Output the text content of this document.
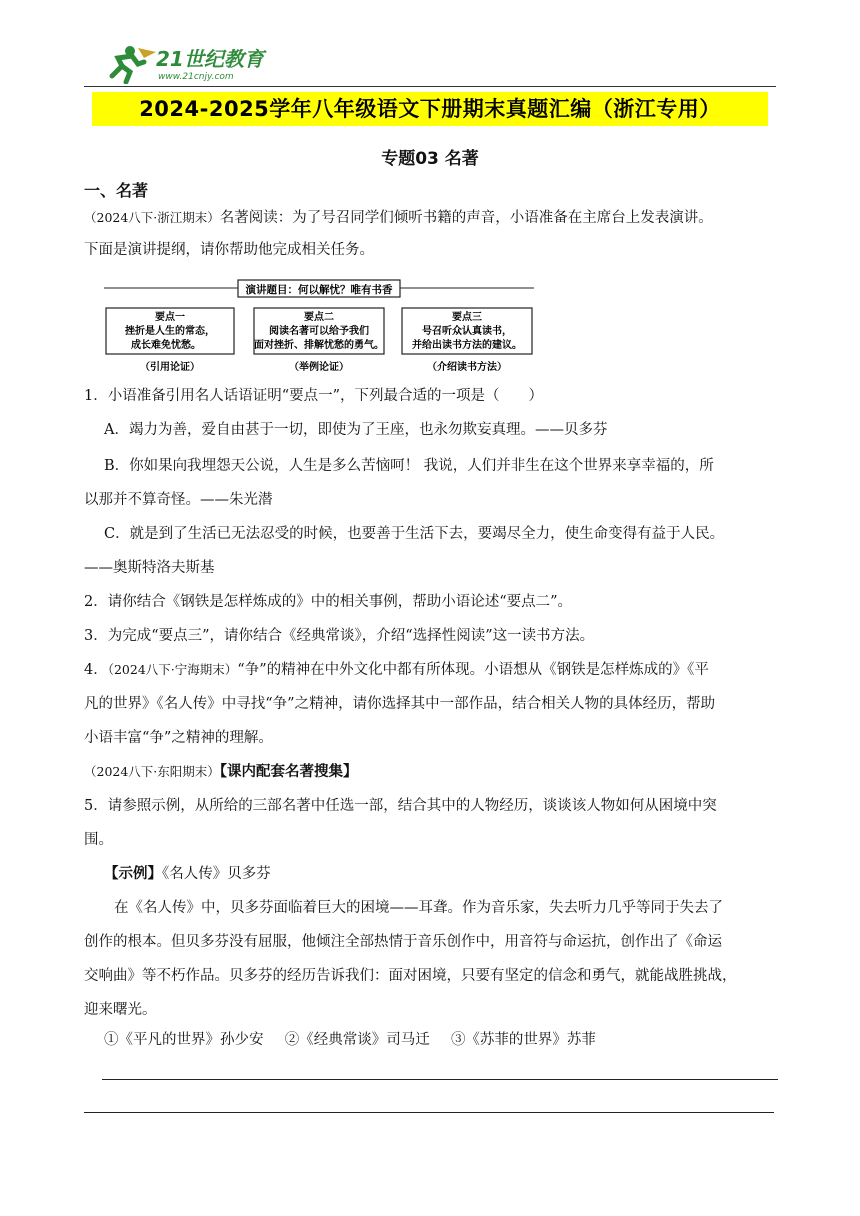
21世纪教育
www.21cnjy.com
2024-2025学年八年级语文下册期末真题汇编（浙江专用）
专题03 名著
一、名著
（2024八下·浙江期末）名著阅读：为了号召同学们倾听书籍的声音，小语准备在主席台上发表演讲。
下面是演讲提纲，请你帮助他完成相关任务。
演讲题目：何以解忧？唯有书香
要点一
挫折是人生的常态，
成长难免忧愁。
（引用论证）
要点二
阅读名著可以给予我们
面对挫折、排解忧愁的勇气。
（举例论证）
要点三
号召听众认真读书，
并给出读书方法的建议。
（介绍读书方法）
1．小语准备引用名人话语证明“要点一”，下列最合适的一项是（　　）
A．竭力为善，爱自由甚于一切，即使为了王座，也永勿欺妄真理。——贝多芬
B．你如果向我埋怨天公说，人生是多么苦恼呵！ 我说，人们并非生在这个世界来享幸福的，所
以那并不算奇怪。——朱光潜
C．就是到了生活已无法忍受的时候，也要善于生活下去，要竭尽全力，使生命变得有益于人民。
——奥斯特洛夫斯基
2．请你结合《钢铁是怎样炼成的》中的相关事例，帮助小语论述“要点二”。
3．为完成“要点三”，请你结合《经典常谈》，介绍“选择性阅读”这一读书方法。
4．（2024八下·宁海期末）“争”的精神在中外文化中都有所体现。小语想从《钢铁是怎样炼成的》《平
凡的世界》《名人传》中寻找“争”之精神，请你选择其中一部作品，结合相关人物的具体经历，帮助
小语丰富“争”之精神的理解。
（2024八下·东阳期末）【课内配套名著搜集】
5．请参照示例，从所给的三部名著中任选一部，结合其中的人物经历，谈谈该人物如何从困境中突
围。
【示例】《名人传》贝多芬
在《名人传》中，贝多芬面临着巨大的困境——耳聋。作为音乐家，失去听力几乎等同于失去了
创作的根本。但贝多芬没有屈服，他倾注全部热情于音乐创作中，用音符与命运抗，创作出了《命运
交响曲》等不朽作品。贝多芬的经历告诉我们：面对困境，只要有坚定的信念和勇气，就能战胜挑战，
迎来曙光。
①《平凡的世界》孙少安 ②《经典常谈》司马迁 ③《苏菲的世界》苏菲
